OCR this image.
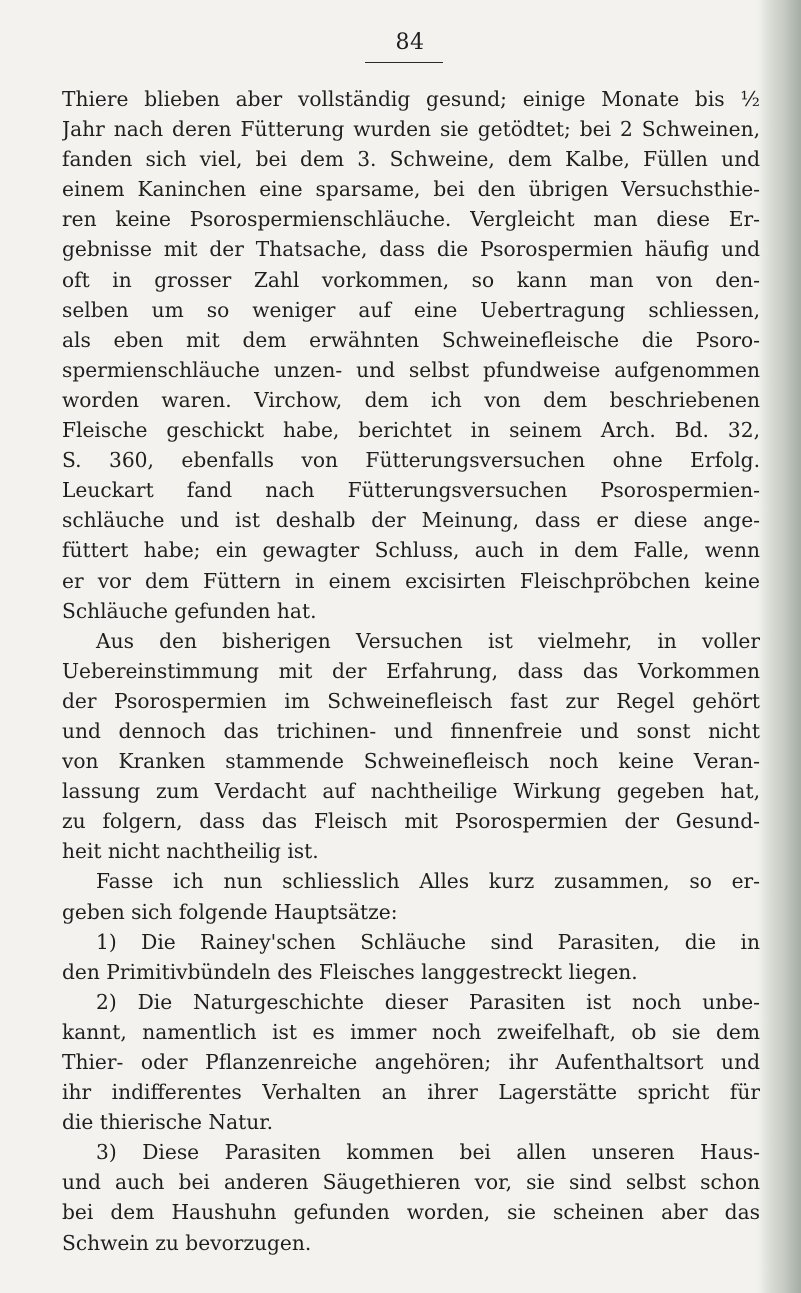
84
Thiere blieben aber vollständig gesund; einige Monate bis ½
Jahr nach deren Fütterung wurden sie getödtet; bei 2 Schweinen,
fanden sich viel, bei dem 3. Schweine, dem Kalbe, Füllen und
einem Kaninchen eine sparsame, bei den übrigen Versuchsthie-
ren keine Psorospermienschläuche. Vergleicht man diese Er-
gebnisse mit der Thatsache, dass die Psorospermien häufig und
oft in grosser Zahl vorkommen, so kann man von den-
selben um so weniger auf eine Uebertragung schliessen,
als eben mit dem erwähnten Schweinefleische die Psoro-
spermienschläuche unzen- und selbst pfundweise aufgenommen
worden waren. Virchow, dem ich von dem beschriebenen
Fleische geschickt habe, berichtet in seinem Arch. Bd. 32,
S. 360, ebenfalls von Fütterungsversuchen ohne Erfolg.
Leuckart fand nach Fütterungsversuchen Psorospermien-
schläuche und ist deshalb der Meinung, dass er diese ange-
füttert habe; ein gewagter Schluss, auch in dem Falle, wenn
er vor dem Füttern in einem excisirten Fleischpröbchen keine
Schläuche gefunden hat.
Aus den bisherigen Versuchen ist vielmehr, in voller
Uebereinstimmung mit der Erfahrung, dass das Vorkommen
der Psorospermien im Schweinefleisch fast zur Regel gehört
und dennoch das trichinen- und finnenfreie und sonst nicht
von Kranken stammende Schweinefleisch noch keine Veran-
lassung zum Verdacht auf nachtheilige Wirkung gegeben hat,
zu folgern, dass das Fleisch mit Psorospermien der Gesund-
heit nicht nachtheilig ist.
Fasse ich nun schliesslich Alles kurz zusammen, so er-
geben sich folgende Hauptsätze:
1) Die Rainey'schen Schläuche sind Parasiten, die in
den Primitivbündeln des Fleisches langgestreckt liegen.
2) Die Naturgeschichte dieser Parasiten ist noch unbe-
kannt, namentlich ist es immer noch zweifelhaft, ob sie dem
Thier- oder Pflanzenreiche angehören; ihr Aufenthaltsort und
ihr indifferentes Verhalten an ihrer Lagerstätte spricht für
die thierische Natur.
3) Diese Parasiten kommen bei allen unseren Haus-
und auch bei anderen Säugethieren vor, sie sind selbst schon
bei dem Haushuhn gefunden worden, sie scheinen aber das
Schwein zu bevorzugen.
